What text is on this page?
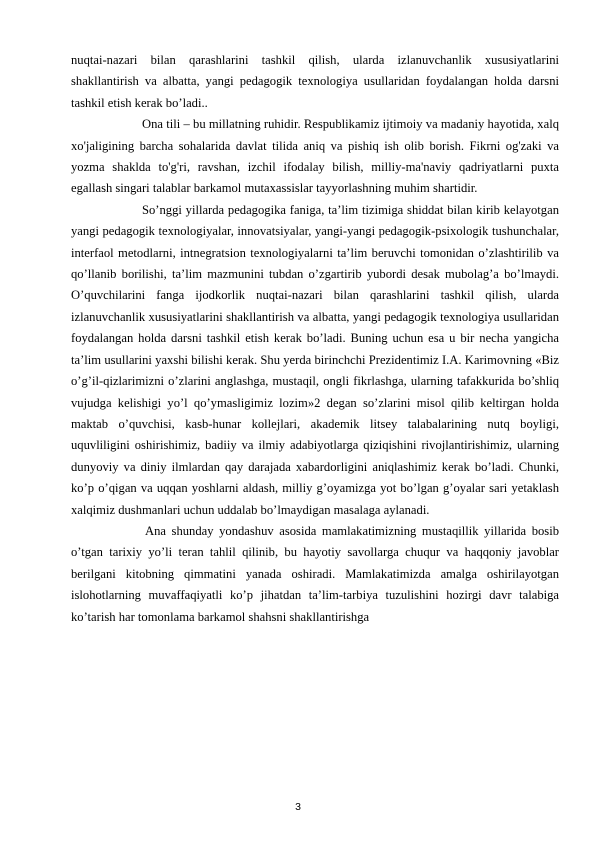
nuqtai-nazari bilan qarashlarini tashkil qilish, ularda izlanuvchanlik xususiyatlarini shakllantirish va albatta, yangi pedagogik texnologiya usullaridan foydalangan holda darsni tashkil etish kerak bo’ladi..

Ona tili – bu millatning ruhidir. Respublikamiz ijtimoiy va madaniy hayotida, xalq xo'jaligining barcha sohalarida davlat tilida aniq va pishiq ish olib borish. Fikrni og'zaki va yozma shaklda to'g'ri, ravshan, izchil ifodalay bilish, milliy-ma'naviy qadriyatlarni puxta egallash singari talablar barkamol mutaxassislar tayyorlashning muhim shartidir.

So’nggi yillarda pedagogika faniga, ta’lim tizimiga shiddat bilan kirib kelayotgan yangi pedagogik texnologiyalar, innovatsiyalar, yangi-yangi pedagogik-psixologik tushunchalar, interfaol metodlarni, intnegratsion texnologiyalarni ta’lim beruvchi tomonidan o’zlashtirilib va qo’llanib borilishi, ta’lim mazmunini tubdan o’zgartirib yubordi desak mubolag’a bo’lmaydi. O’quvchilarini fanga ijodkorlik nuqtai-nazari bilan qarashlarini tashkil qilish, ularda izlanuvchanlik xususiyatlarini shakllantirish va albatta, yangi pedagogik texnologiya usullaridan foydalangan holda darsni tashkil etish kerak bo’ladi. Buning uchun esa u bir necha yangicha ta’lim usullarini yaxshi bilishi kerak. Shu yerda birinchchi Prezidentimiz I.A. Karimovning «Biz o’g’il-qizlarimizni o’zlarini anglashga, mustaqil, ongli fikrlashga, ularning tafakkurida bo’shliq vujudga kelishigi yo’l qo’ymasligimiz lozim»2 degan so’zlarini misol qilib keltirgan holda maktab o’quvchisi, kasb-hunar kollejlari, akademik litsey talabalarining nutq boyligi, uquvliligini oshirishimiz, badiiy va ilmiy adabiyotlarga qiziqishini rivojlantirishimiz, ularning dunyoviy va diniy ilmlardan qay darajada xabardorligini aniqlashimiz kerak bo’ladi. Chunki, ko’p o’qigan va uqqan yoshlarni aldash, milliy g’oyamizga yot bo’lgan g’oyalar sari yetaklash xalqimiz dushmanlari uchun uddalab bo’lmaydigan masalaga aylanadi.

Ana shunday yondashuv asosida mamlakatimizning mustaqillik yillarida bosib o’tgan tarixiy yo’li teran tahlil qilinib, bu hayotiy savollarga chuqur va haqqoniy javoblar berilgani kitobning qimmatini yanada oshiradi. Mamlakatimizda amalga oshirilayotgan islohotlarning muvaffaqiyatli ko’p jihatdan ta’lim-tarbiya tuzulishini hozirgi davr talabiga ko’tarish har tomonlama barkamol shahsni shakllantirishga

3
